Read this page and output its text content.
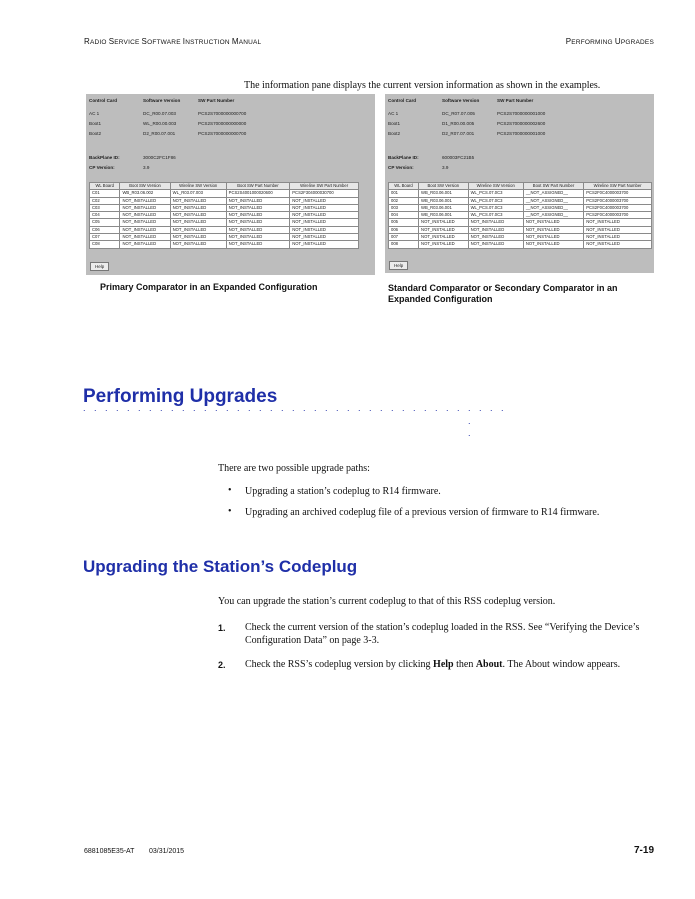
RADIO SERVICE SOFTWARE INSTRUCTION MANUAL	PERFORMING UPGRADES
The information pane displays the current version information as shown in the examples.
Control Card	Software Version	SW Part Number
AC 1	DC_R00.07.003	PCS2S7000000000700
Boot1	WL_R00.00.003	PCS2S7000000000000
Boot2	D2_R00.07.001	PCS2S7000000000700
BackPlane ID:	3000C2FC1F86
CP Version:	3.9
WL Board	Boot SW Version	Wireline SW Version	Boot SW Part Number	Wireline SW Part Number
C01	WB_R03.06.002	WL_R03.07.003	PCS2S4001000020600	PCS2F304000030700
C02	NOT_INSTALLED	NOT_INSTALLED	NOT_INSTALLED	NOT_INSTALLED
C03	NOT_INSTALLED	NOT_INSTALLED	NOT_INSTALLED	NOT_INSTALLED
C04	NOT_INSTALLED	NOT_INSTALLED	NOT_INSTALLED	NOT_INSTALLED
C05	NOT_INSTALLED	NOT_INSTALLED	NOT_INSTALLED	NOT_INSTALLED
C06	NOT_INSTALLED	NOT_INSTALLED	NOT_INSTALLED	NOT_INSTALLED
C07	NOT_INSTALLED	NOT_INSTALLED	NOT_INSTALLED	NOT_INSTALLED
C08	NOT_INSTALLED	NOT_INSTALLED	NOT_INSTALLED	NOT_INSTALLED
Help
Primary Comparator in an Expanded Configuration
Control Card	Software Version	SW Part Number
AC 1	DC_R07.07.005	PCS2S7000000001000
Boot1	D1_R00.00.005	PCS2S7000000002600
Boot2	D2_R07.07.001	PCS2S7000000001000
BackPlane ID:	600003FC21B5
CP Version:	3.9
WL Board	Boot SW Version	Wireline SW Version	Boot SW Part Number	Wireline SW Part Number
001	WB_R03.06.001	WL_PCS.07.0C3	__NOT_ASSIGNED__	PCS2F0C4000003700
002	WB_R03.06.001	WL_PCS.07.0C3	__NOT_ASSIGNED__	PCS2F0C4000003700
003	WB_R03.06.001	WL_PCS.07.0C3	__NOT_ASSIGNED__	PCS2F0C4000003700
004	WB_R03.06.001	WL_PCS.07.0C3	__NOT_ASSIGNED__	PCS2F0C4000003700
005	NOT_INSTALLED	NOT_INSTALLED	NOT_INSTALLED	NOT_INSTALLED
006	NOT_INSTALLED	NOT_INSTALLED	NOT_INSTALLED	NOT_INSTALLED
007	NOT_INSTALLED	NOT_INSTALLED	NOT_INSTALLED	NOT_INSTALLED
008	NOT_INSTALLED	NOT_INSTALLED	NOT_INSTALLED	NOT_INSTALLED
Help
Standard Comparator or Secondary Comparator in an Expanded Configuration
Performing Upgrades
. . . . . . . . . . . . . . . . . . . . . . . . . . . . . . . . . . . . . . .
.
.
There are two possible upgrade paths:
• Upgrading a station’s codeplug to R14 firmware.
• Upgrading an archived codeplug file of a previous version of firmware to R14 firmware.
Upgrading the Station’s Codeplug
You can upgrade the station’s current codeplug to that of this RSS codeplug version.
1. Check the current version of the station’s codeplug loaded in the RSS. See “Verifying the Device’s Configuration Data” on page 3-3.
2. Check the RSS’s codeplug version by clicking Help then About. The About window appears.
6881085E35-AT 03/31/2015	7-19
